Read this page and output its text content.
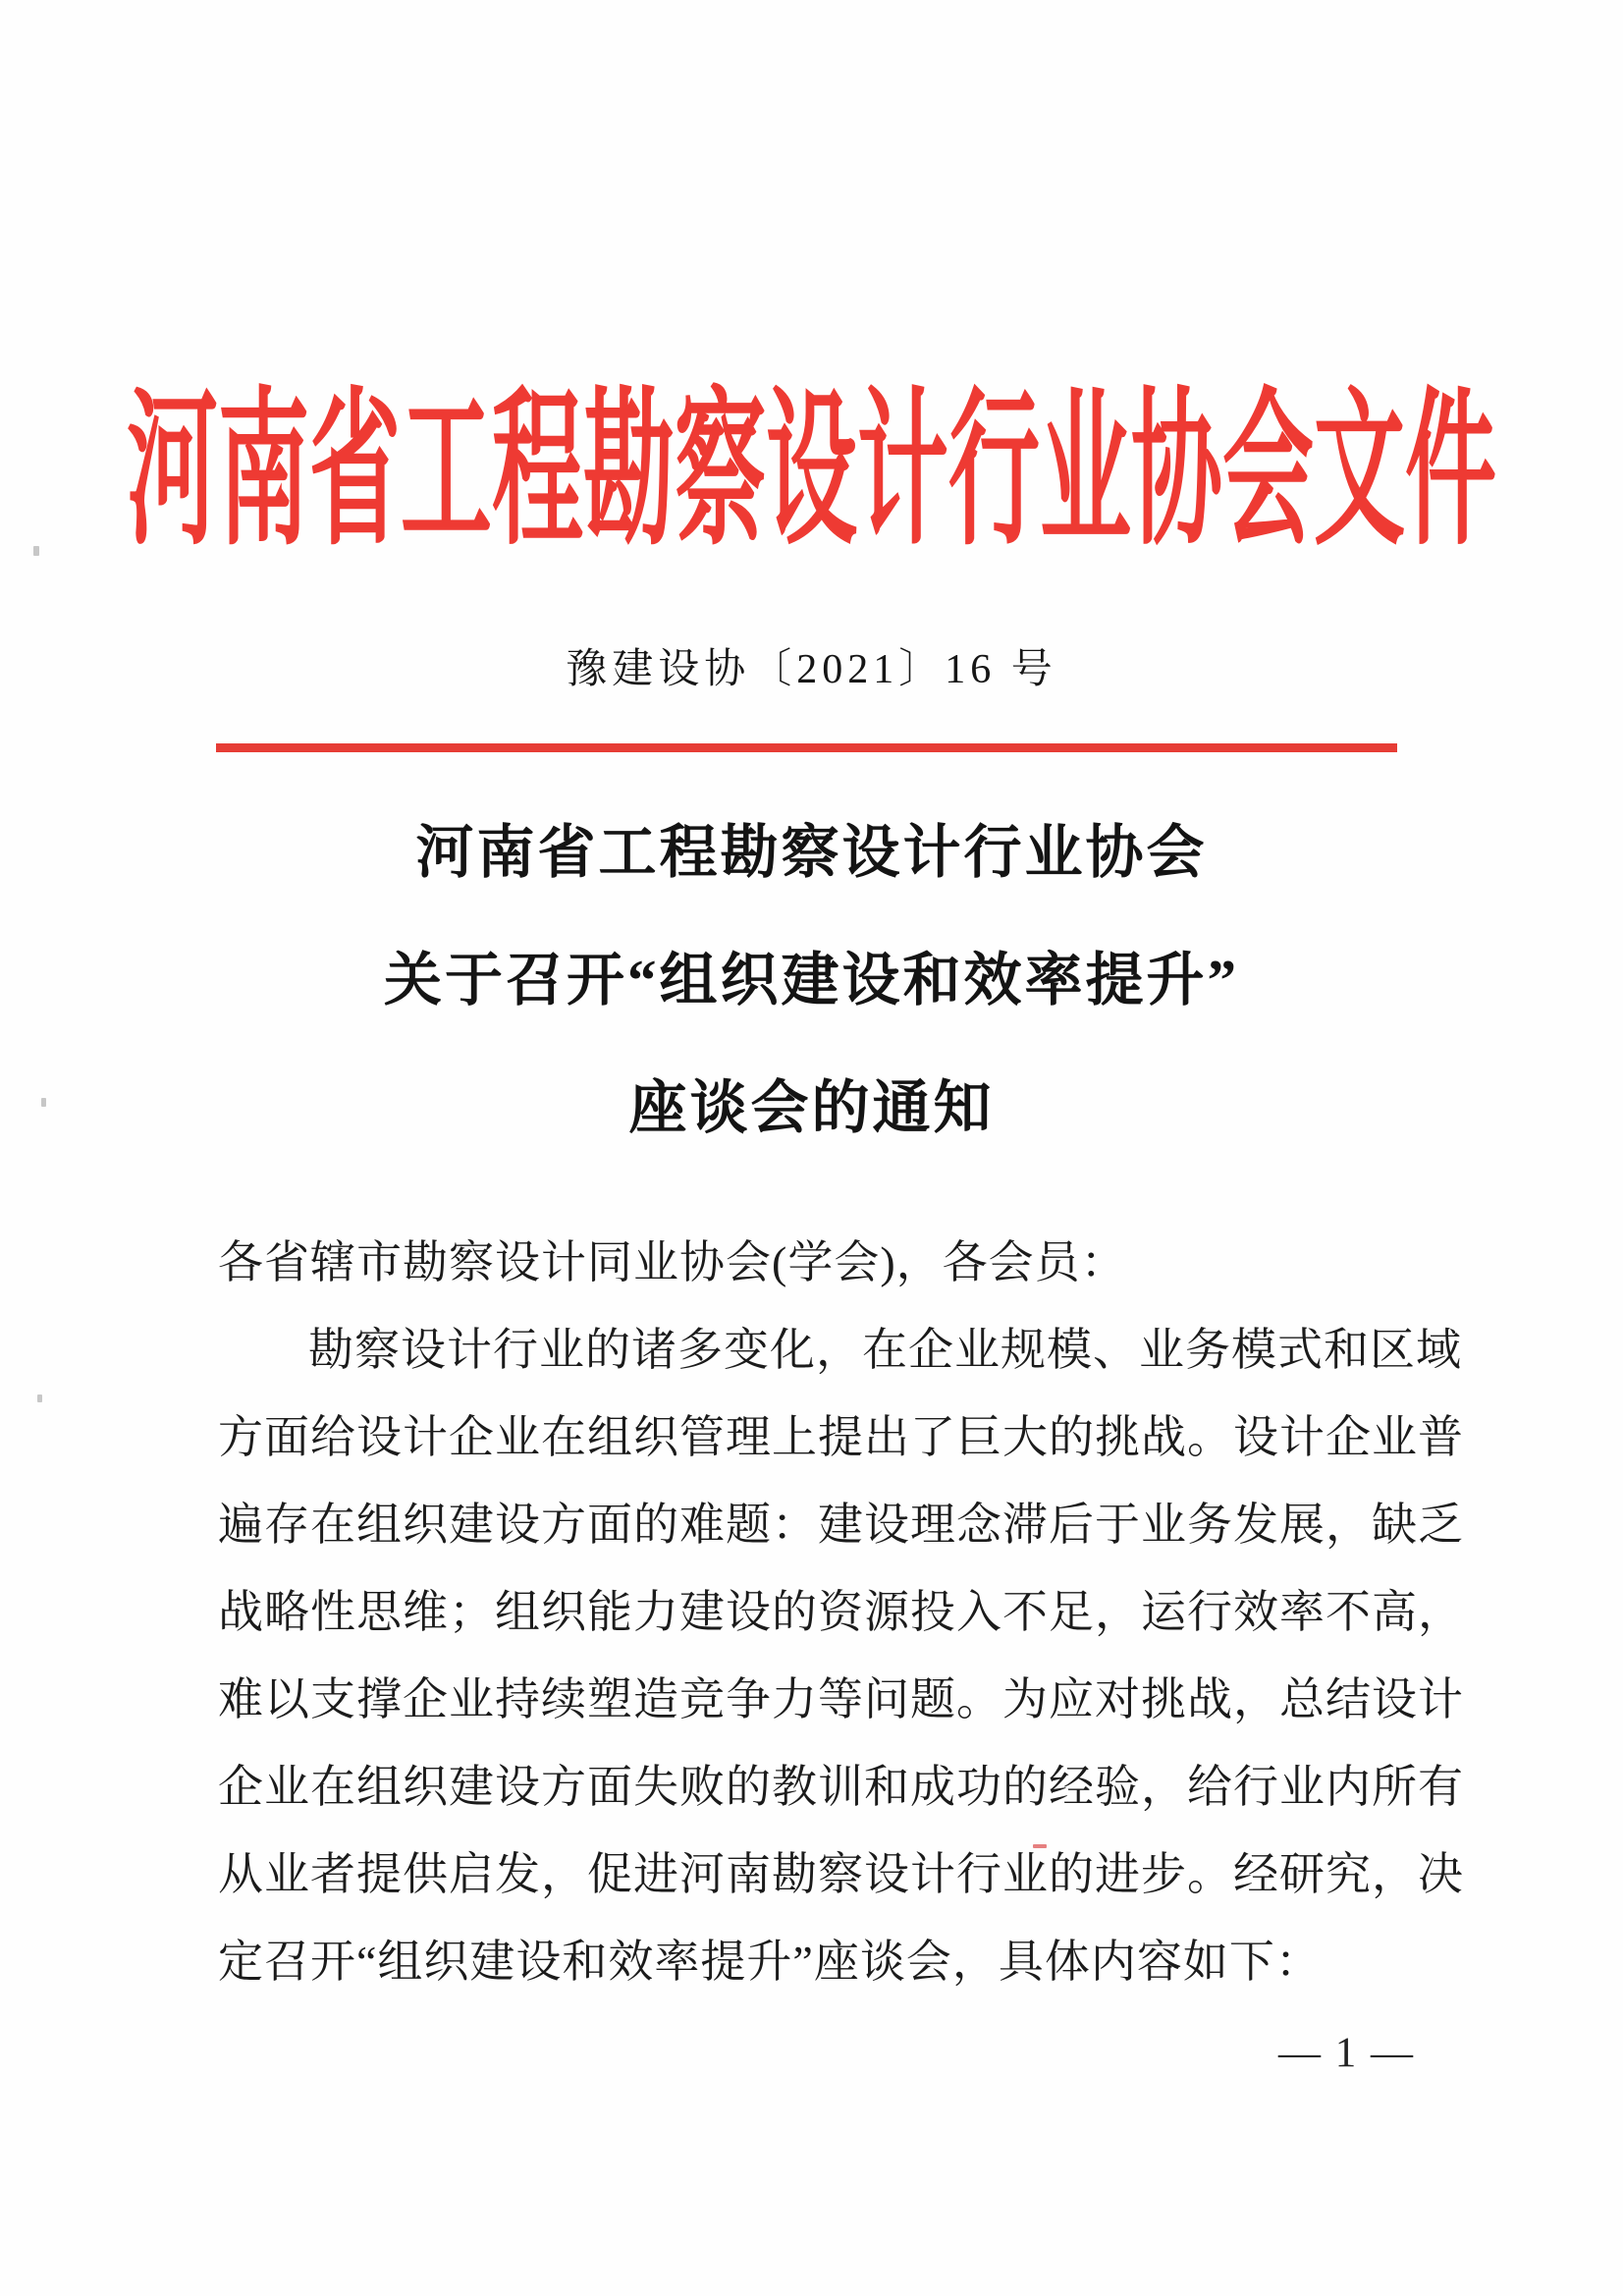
河南省工程勘察设计行业协会文件
豫建设协〔2021〕16 号
河南省工程勘察设计行业协会
关于召开“组织建设和效率提升”
座谈会的通知
各省辖市勘察设计同业协会(学会)，各会员：
勘察设计行业的诸多变化，在企业规模、业务模式和区域
方面给设计企业在组织管理上提出了巨大的挑战。设计企业普
遍存在组织建设方面的难题：建设理念滞后于业务发展，缺乏
战略性思维；组织能力建设的资源投入不足，运行效率不高，
难以支撑企业持续塑造竞争力等问题。为应对挑战，总结设计
企业在组织建设方面失败的教训和成功的经验，给行业内所有
从业者提供启发，促进河南勘察设计行业的进步。经研究，决
定召开“组织建设和效率提升”座谈会，具体内容如下：
— 1 —
